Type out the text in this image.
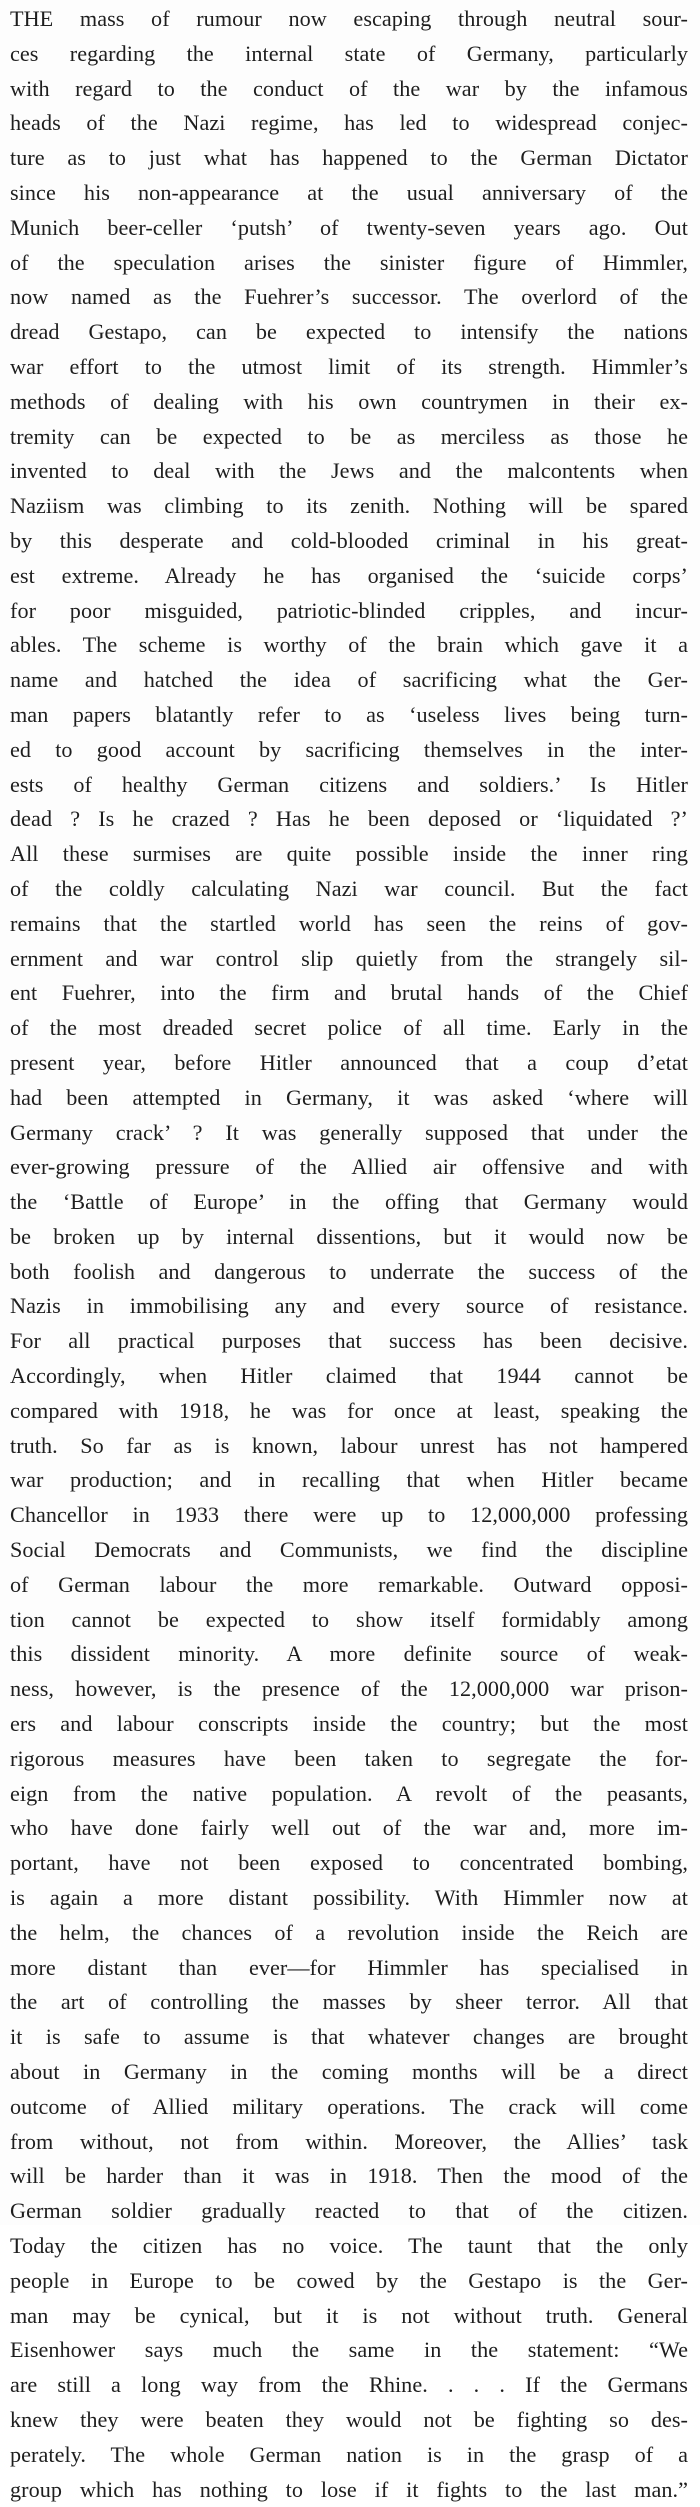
THE mass of rumour now escaping through neutral sour-
ces regarding the internal state of Germany, particularly
with regard to the conduct of the war by the infamous
heads of the Nazi regime, has led to widespread conjec-
ture as to just what has happened to the German Dictator
since his non-appearance at the usual anniversary of the
Munich beer-celler ‘putsh’ of twenty-seven years ago. Out
of the speculation arises the sinister figure of Himmler,
now named as the Fuehrer’s successor. The overlord of the
dread Gestapo, can be expected to intensify the nations
war effort to the utmost limit of its strength. Himmler’s
methods of dealing with his own countrymen in their ex-
tremity can be expected to be as merciless as those he
invented to deal with the Jews and the malcontents when
Naziism was climbing to its zenith. Nothing will be spared
by this desperate and cold-blooded criminal in his great-
est extreme. Already he has organised the ‘suicide corps’
for poor misguided, patriotic-blinded cripples, and incur-
ables. The scheme is worthy of the brain which gave it a
name and hatched the idea of sacrificing what the Ger-
man papers blatantly refer to as ‘useless lives being turn-
ed to good account by sacrificing themselves in the inter-
ests of healthy German citizens and soldiers.’ Is Hitler
dead ? Is he crazed ? Has he been deposed or ‘liquidated ?’
All these surmises are quite possible inside the inner ring
of the coldly calculating Nazi war council. But the fact
remains that the startled world has seen the reins of gov-
ernment and war control slip quietly from the strangely sil-
ent Fuehrer, into the firm and brutal hands of the Chief
of the most dreaded secret police of all time. Early in the
present year, before Hitler announced that a coup d’etat
had been attempted in Germany, it was asked ‘where will
Germany crack’ ? It was generally supposed that under the
ever-growing pressure of the Allied air offensive and with
the ‘Battle of Europe’ in the offing that Germany would
be broken up by internal dissentions, but it would now be
both foolish and dangerous to underrate the success of the
Nazis in immobilising any and every source of resistance.
For all practical purposes that success has been decisive.
Accordingly, when Hitler claimed that 1944 cannot be
compared with 1918, he was for once at least, speaking the
truth. So far as is known, labour unrest has not hampered
war production; and in recalling that when Hitler became
Chancellor in 1933 there were up to 12,000,000 professing
Social Democrats and Communists, we find the discipline
of German labour the more remarkable. Outward opposi-
tion cannot be expected to show itself formidably among
this dissident minority. A more definite source of weak-
ness, however, is the presence of the 12,000,000 war prison-
ers and labour conscripts inside the country; but the most
rigorous measures have been taken to segregate the for-
eign from the native population. A revolt of the peasants,
who have done fairly well out of the war and, more im-
portant, have not been exposed to concentrated bombing,
is again a more distant possibility. With Himmler now at
the helm, the chances of a revolution inside the Reich are
more distant than ever—for Himmler has specialised in
the art of controlling the masses by sheer terror. All that
it is safe to assume is that whatever changes are brought
about in Germany in the coming months will be a direct
outcome of Allied military operations. The crack will come
from without, not from within. Moreover, the Allies’ task
will be harder than it was in 1918. Then the mood of the
German soldier gradually reacted to that of the citizen.
Today the citizen has no voice. The taunt that the only
people in Europe to be cowed by the Gestapo is the Ger-
man may be cynical, but it is not without truth. General
Eisenhower says much the same in the statement: “We
are still a long way from the Rhine. . . . If the Germans
knew they were beaten they would not be fighting so des-
perately. The whole German nation is in the grasp of a
group which has nothing to lose if it fights to the last man.”
